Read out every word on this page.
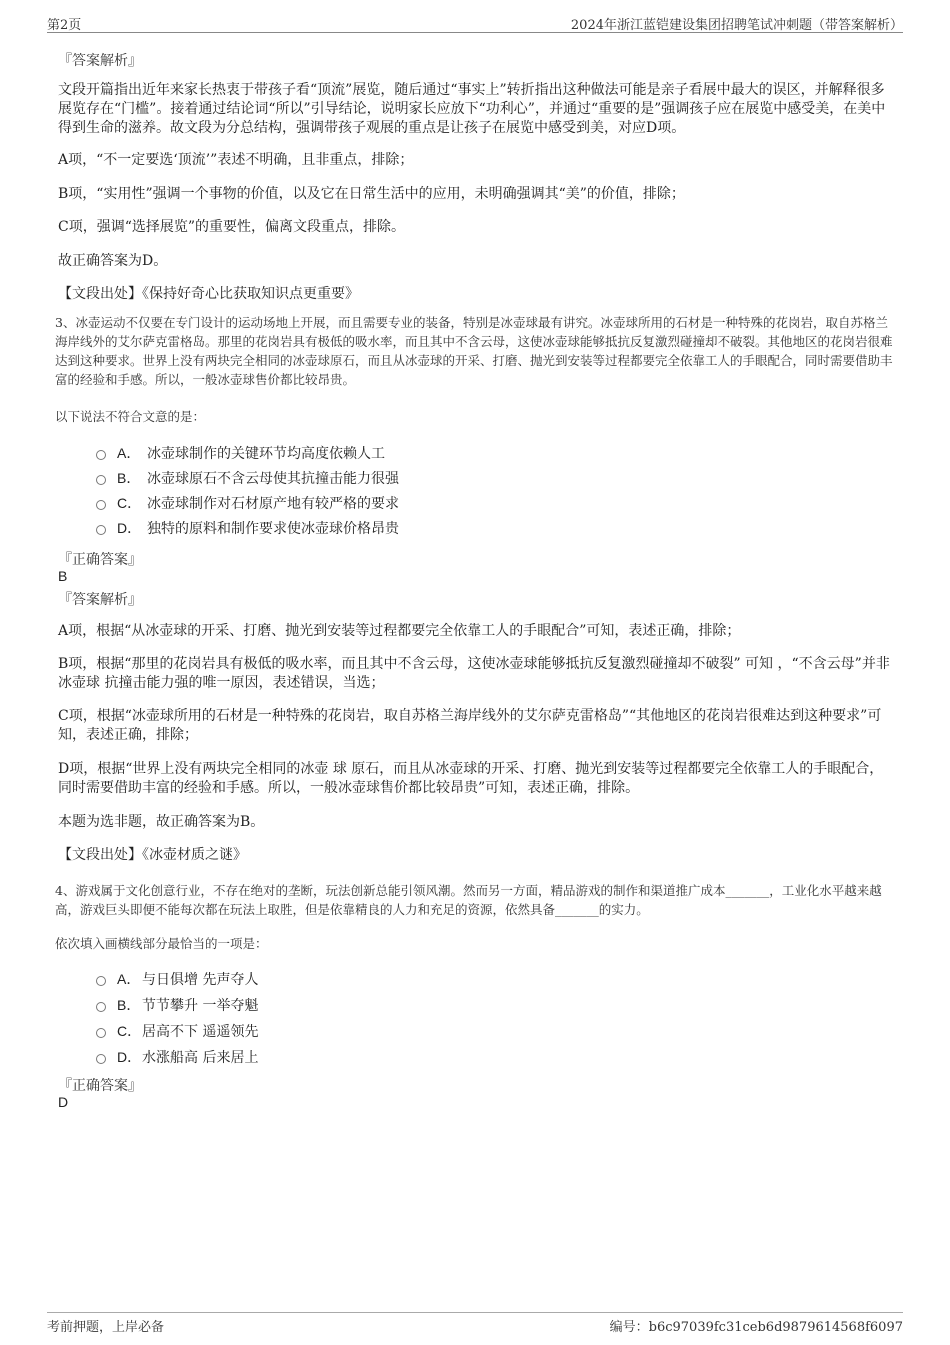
第2页	2024年浙江蓝铠建设集团招聘笔试冲刺题（带答案解析）
『答案解析』
文段开篇指出近年来家长热衷于带孩子看“顶流”展览，随后通过“事实上”转折指出这种做法可能是亲子看展中最大的误区，并解释很多展览存在“门槛”。接着通过结论词“所以”引导结论，说明家长应放下“功利心”，并通过“重要的是”强调孩子应在展览中感受美，在美中得到生命的滋养。故文段为分总结构，强调带孩子观展的重点是让孩子在展览中感受到美，对应D项。
A项，“不一定要选‘顶流’”表述不明确，且非重点，排除；
B项，“实用性”强调一个事物的价值，以及它在日常生活中的应用，未明确强调其“美”的价值，排除；
C项，强调“选择展览”的重要性，偏离文段重点，排除。
故正确答案为D。
【文段出处】《保持好奇心比获取知识点更重要》
3、冰壶运动不仅要在专门设计的运动场地上开展，而且需要专业的装备，特别是冰壶球最有讲究。冰壶球所用的石材是一种特殊的花岗岩，取自苏格兰海岸线外的艾尔萨克雷格岛。那里的花岗岩具有极低的吸水率，而且其中不含云母，这使冰壶球能够抵抗反复激烈碰撞却不破裂。其他地区的花岗岩很难达到这种要求。世界上没有两块完全相同的冰壶球原石，而且从冰壶球的开采、打磨、抛光到安装等过程都要完全依靠工人的手眼配合，同时需要借助丰富的经验和手感。所以，一般冰壶球售价都比较昂贵。
以下说法不符合文意的是：
A． 冰壶球制作的关键环节均高度依赖人工
B． 冰壶球原石不含云母使其抗撞击能力很强
C． 冰壶球制作对石材原产地有较严格的要求
D． 独特的原料和制作要求使冰壶球价格昂贵
『正确答案』
B
『答案解析』
A项，根据“从冰壶球的开采、打磨、抛光到安装等过程都要完全依靠工人的手眼配合”可知，表述正确，排除；
B项，根据“那里的花岗岩具有极低的吸水率，而且其中不含云母，这使冰壶球能够抵抗反复激烈碰撞却不破裂” 可知 ，“不含云母”并非 冰壶球 抗撞击能力强的唯一原因，表述错误，当选；
C项，根据“冰壶球所用的石材是一种特殊的花岗岩，取自苏格兰海岸线外的艾尔萨克雷格岛”“其他地区的花岗岩很难达到这种要求”可知，表述正确，排除；
D项，根据“世界上没有两块完全相同的冰壶 球 原石，而且从冰壶球的开采、打磨、抛光到安装等过程都要完全依靠工人的手眼配合，同时需要借助丰富的经验和手感。所以，一般冰壶球售价都比较昂贵”可知，表述正确，排除。
本题为选非题，故正确答案为B。
【文段出处】《冰壶材质之谜》
4、游戏属于文化创意行业，不存在绝对的垄断，玩法创新总能引领风潮。然而另一方面，精品游戏的制作和渠道推广成本_______，工业化水平越来越高，游戏巨头即便不能每次都在玩法上取胜，但是依靠精良的人力和充足的资源，依然具备_______的实力。
依次填入画横线部分最恰当的一项是：
A． 与日俱增 先声夺人
B． 节节攀升 一举夺魁
C． 居高不下 遥遥领先
D． 水涨船高 后来居上
『正确答案』
D
考前押题，上岸必备	编号：b6c97039fc31ceb6d9879614568f6097
